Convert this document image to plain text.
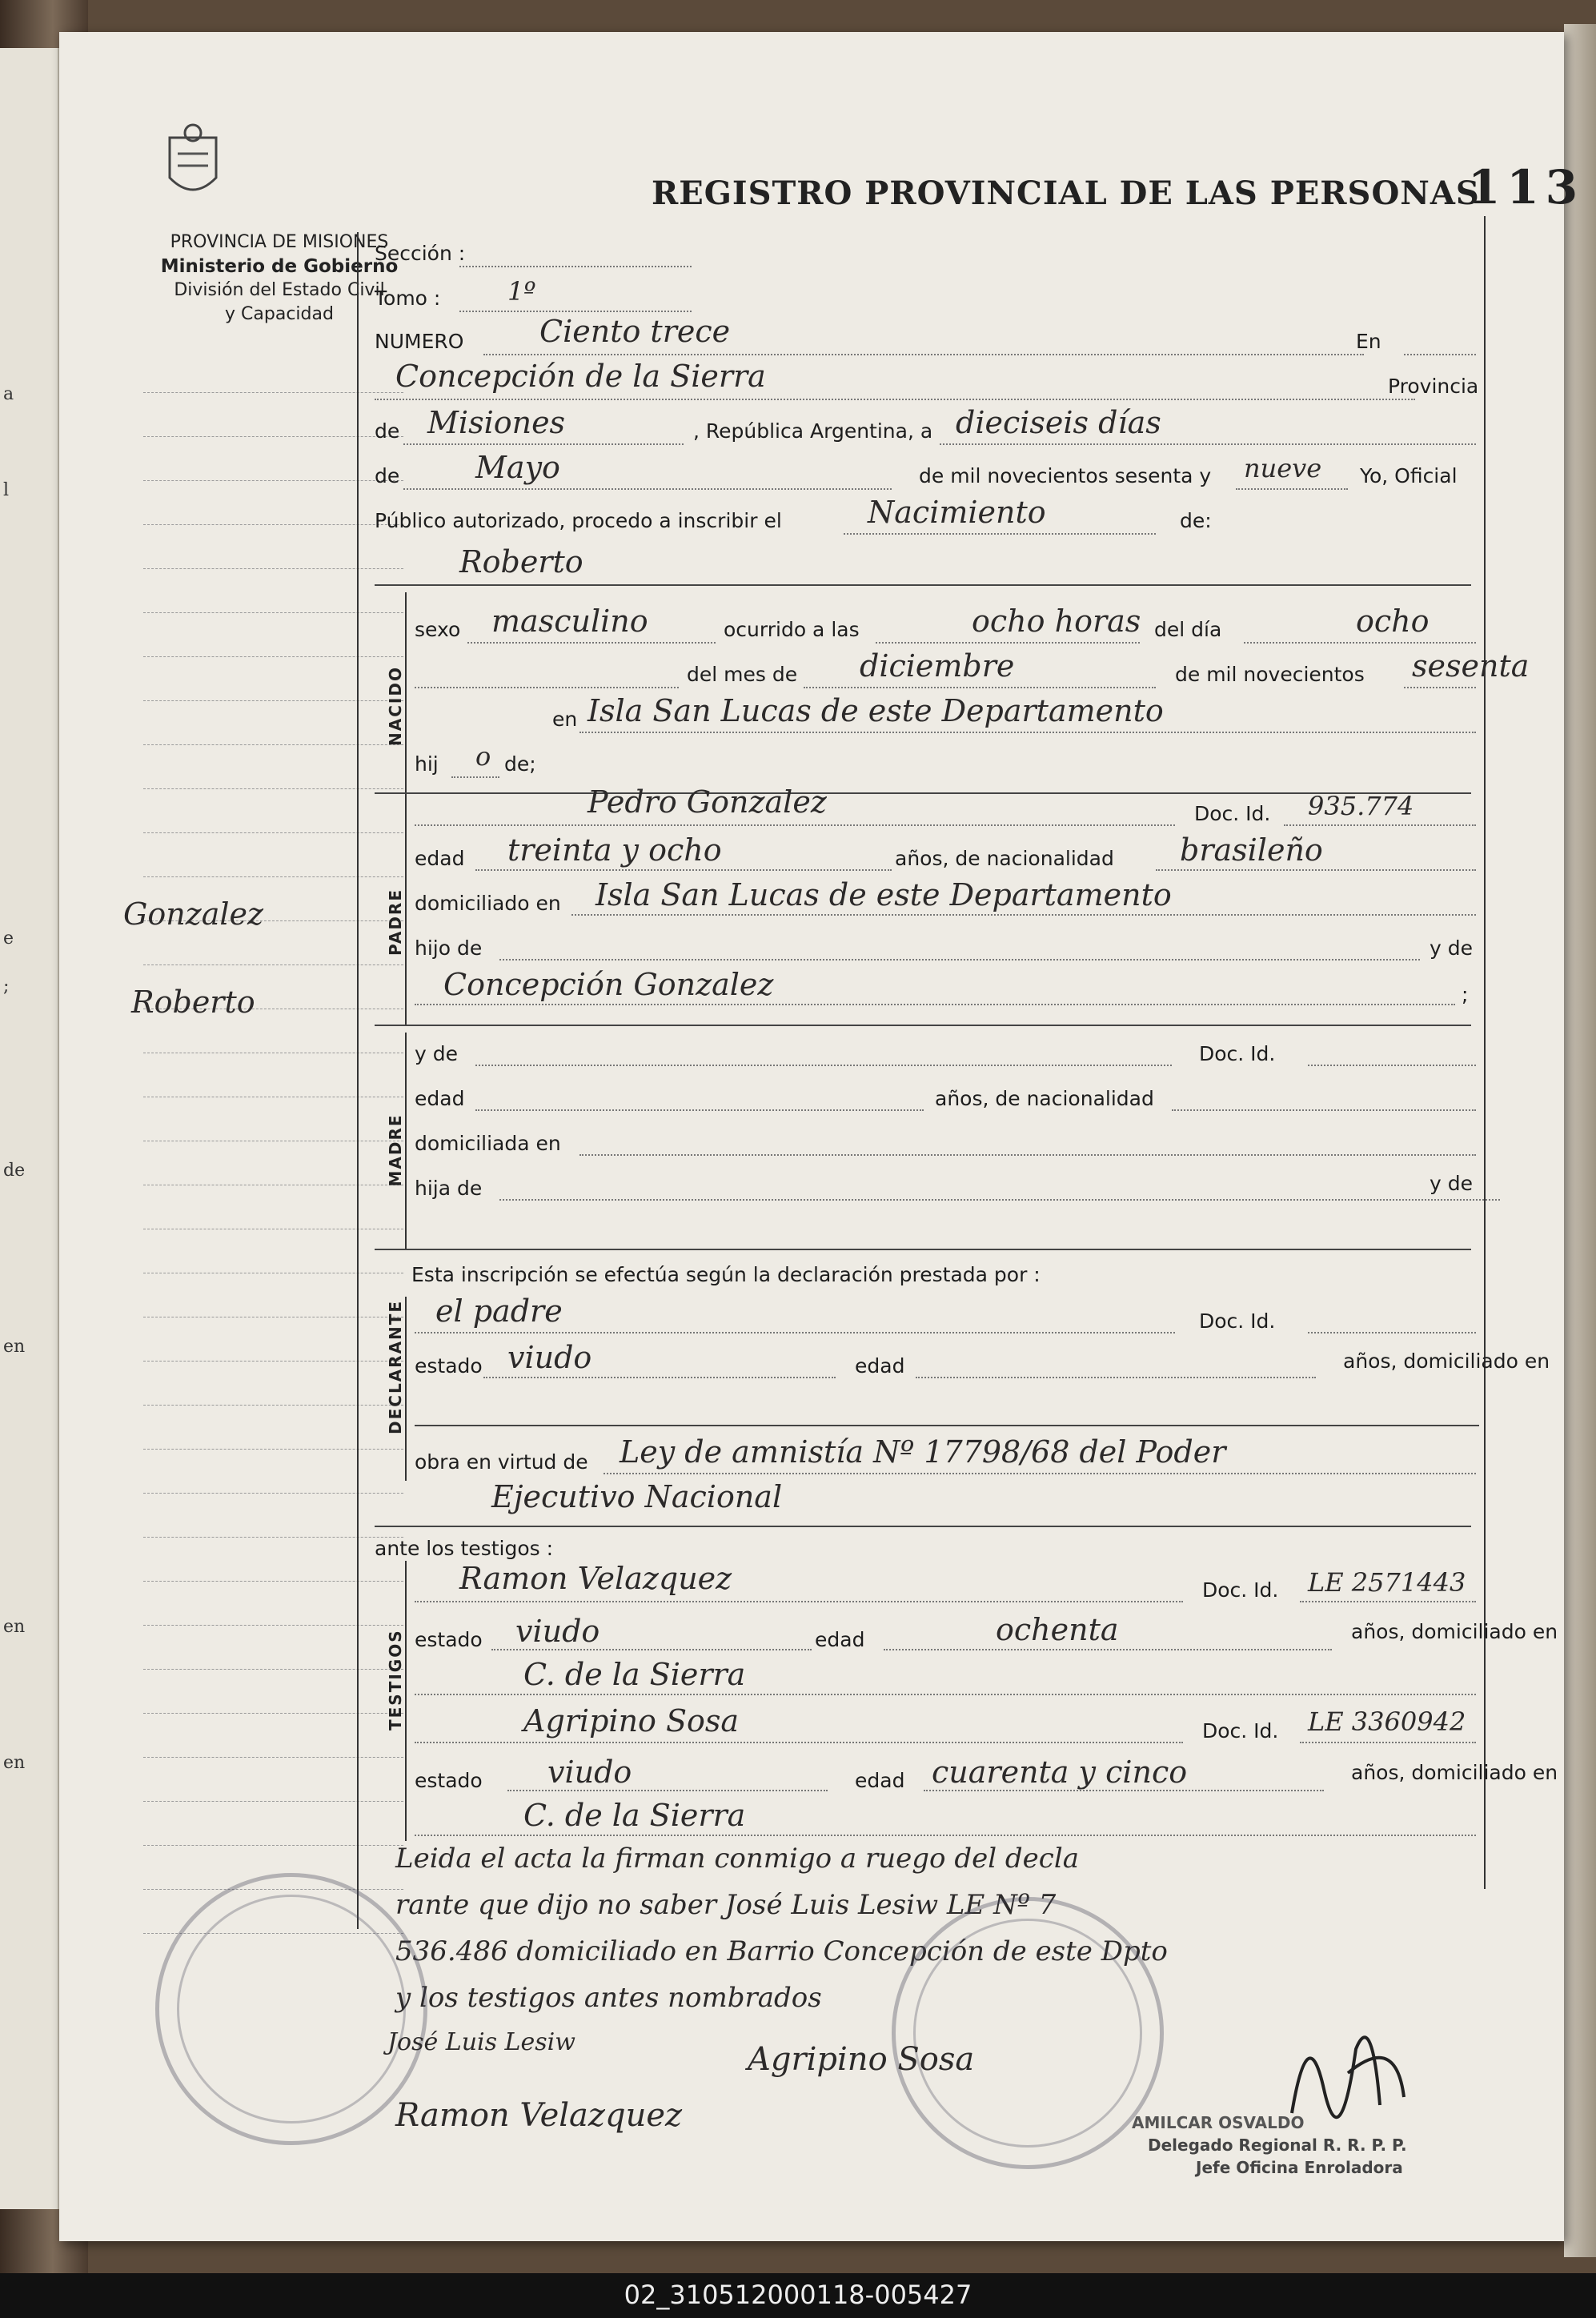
a
l
e
;
de
en
en
en
PROVINCIA DE MISIONES
Ministerio de Gobierno
División del Estado Civil
y Capacidad
REGISTRO PROVINCIAL DE LAS PERSONAS
113
Gonzalez
Roberto
Sección :
Tomo :	1º
NUMERO Ciento trece	En
Concepción de la Sierra	Provincia
de Misiones	, República Argentina, a dieciseis días
de Mayo	de mil novecientos sesenta y nueve Yo, Oficial
Público autorizado, procedo a inscribir el	Nacimiento	de:
Roberto
NACIDO
sexo masculino	ocurrido a las	ocho horas del día	ocho
del mes de diciembre	de mil novecientos sesenta
en Isla San Lucas de este Departamento
hij o de;
PADRE
Pedro Gonzalez	Doc. Id. 935.774
edad treinta y ocho	años, de nacionalidad brasileño
domiciliado en Isla San Lucas de este Departamento
hijo de	y de
Concepción Gonzalez	;
MADRE
y de	Doc. Id.
edad	años, de nacionalidad
domiciliada en
hija de	y de
Esta inscripción se efectúa según la declaración prestada por :
DECLARANTE el padre	Doc. Id.
estado viudo	edad	años, domiciliado en
obra en virtud de Ley de amnistía Nº 17798/68 del Poder
Ejecutivo Nacional
ante los testigos :
TESTIGOS
Ramon Velazquez	Doc. Id. LE 2571443
estado viudo	edad	ochenta	años, domiciliado en
C. de la Sierra
Agripino Sosa	Doc. Id. LE 3360942
estado viudo	edad cuarenta y cinco	años, domiciliado en
C. de la Sierra
Leida el acta la firman conmigo a ruego del decla
rante que dijo no saber José Luis Lesiw LE Nº 7
536.486 domiciliado en Barrio Concepción de este Dpto
y los testigos antes nombrados
José Luis Lesiw	Agripino Sosa
Ramon Velazquez	AMILCAR OSVALDO
Delegado Regional R. R. P. P.
Jefe Oficina Enroladora
02_310512000118-005427
